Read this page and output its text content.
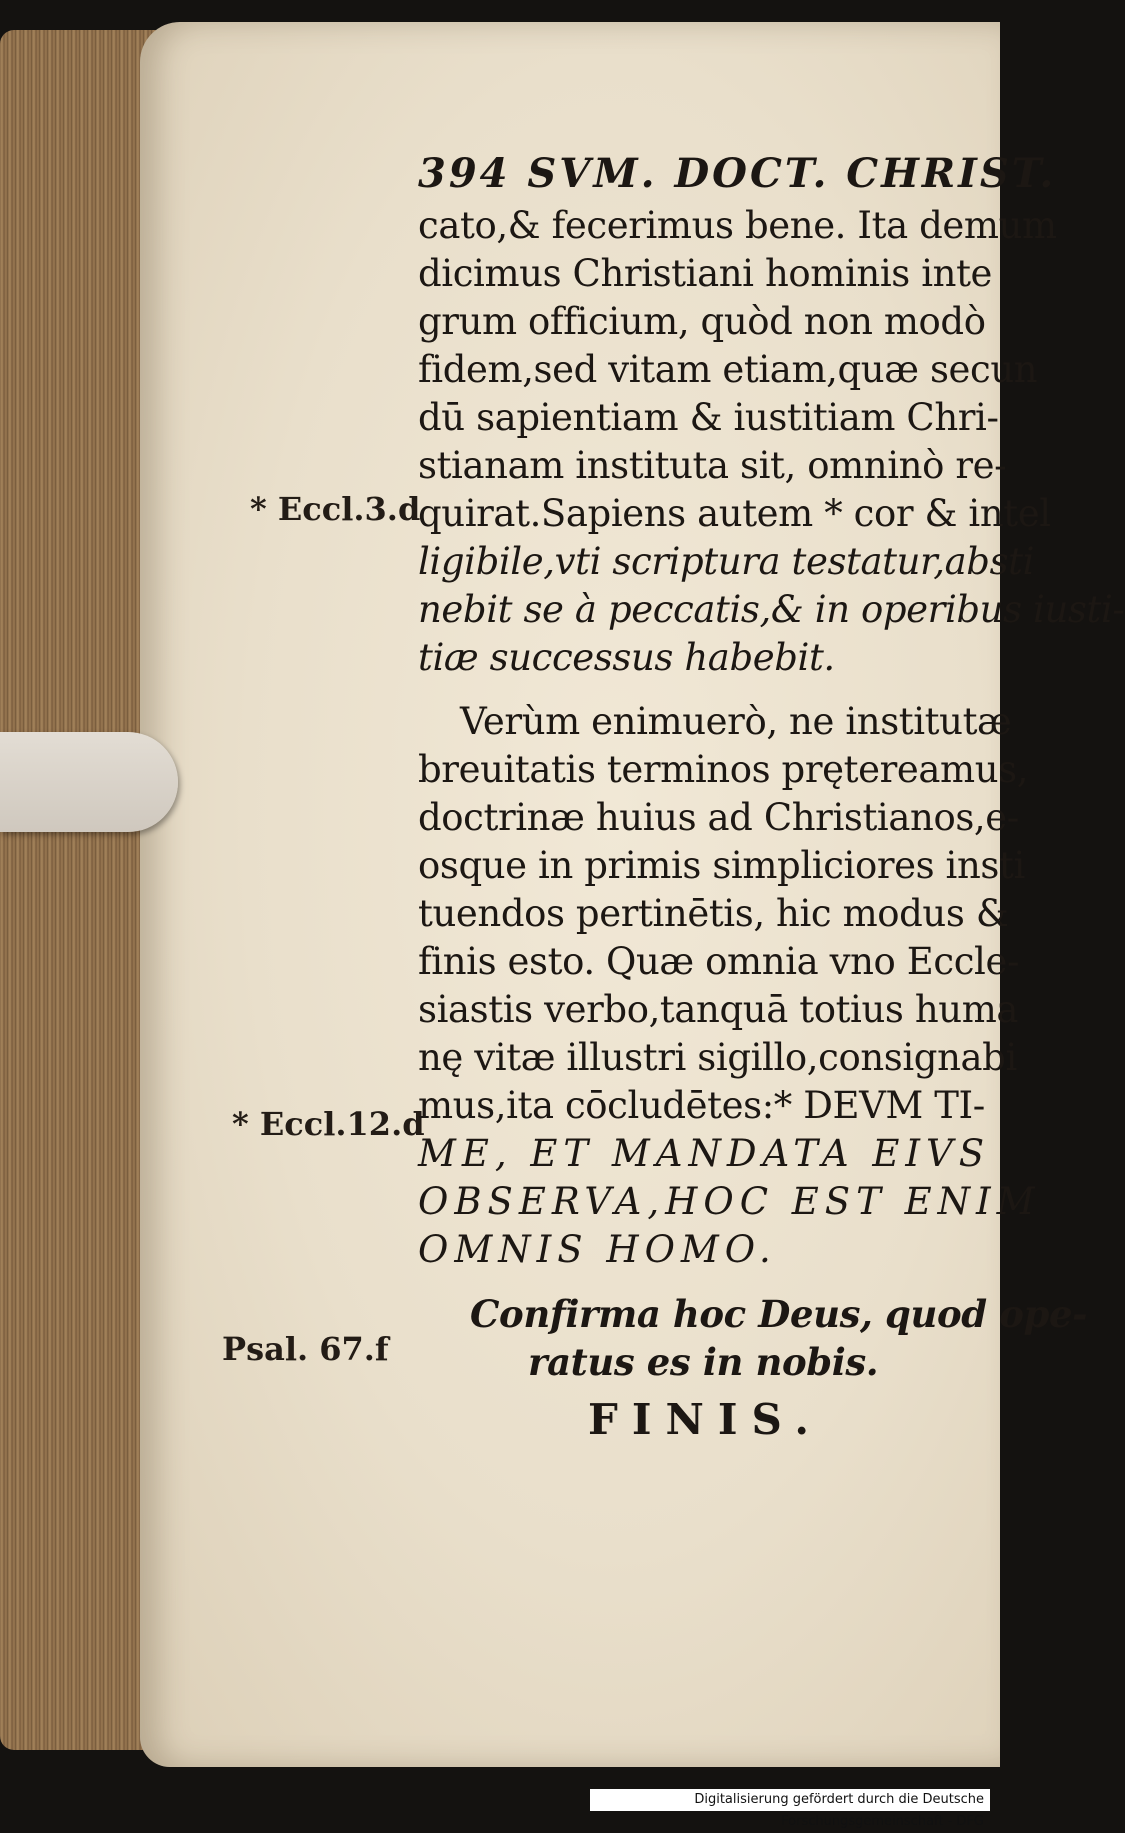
* Eccl.3.d
* Eccl.12.d
Psal. 67.f
394 SVM. DOCT. CHRIST.
cato,& fecerimus bene. Ita demum
dicimus Christiani hominis inte
grum officium, quòd non modò
fidem,sed vitam etiam,quæ secun
dū sapientiam & iustitiam Chri-
stianam instituta sit, omninò re-
quirat.Sapiens autem * cor & intel
ligibile,vti scriptura testatur,absti
nebit se à peccatis,& in operibus iusti-
tiæ successus habebit.
Verùm enimuerò, ne institutæ
breuitatis terminos prętereamus,
doctrinæ huius ad Christianos,e-
osque in primis simpliciores insti
tuendos pertinētis, hic modus &
finis esto. Quæ omnia vno Eccle-
siastis verbo,tanquā totius huma
nę vitæ illustri sigillo,consignabi
mus,ita cōcludētes:* DEVM TI-
ME, ET MANDATA EIVS
OBSERVA,HOC EST ENIM
OMNIS HOMO.
Confirma hoc Deus, quod ope-
ratus es in nobis.
FINIS.
Digitalisierung gefördert durch die Deutsche Forschungsgemeinschaft - DFG
